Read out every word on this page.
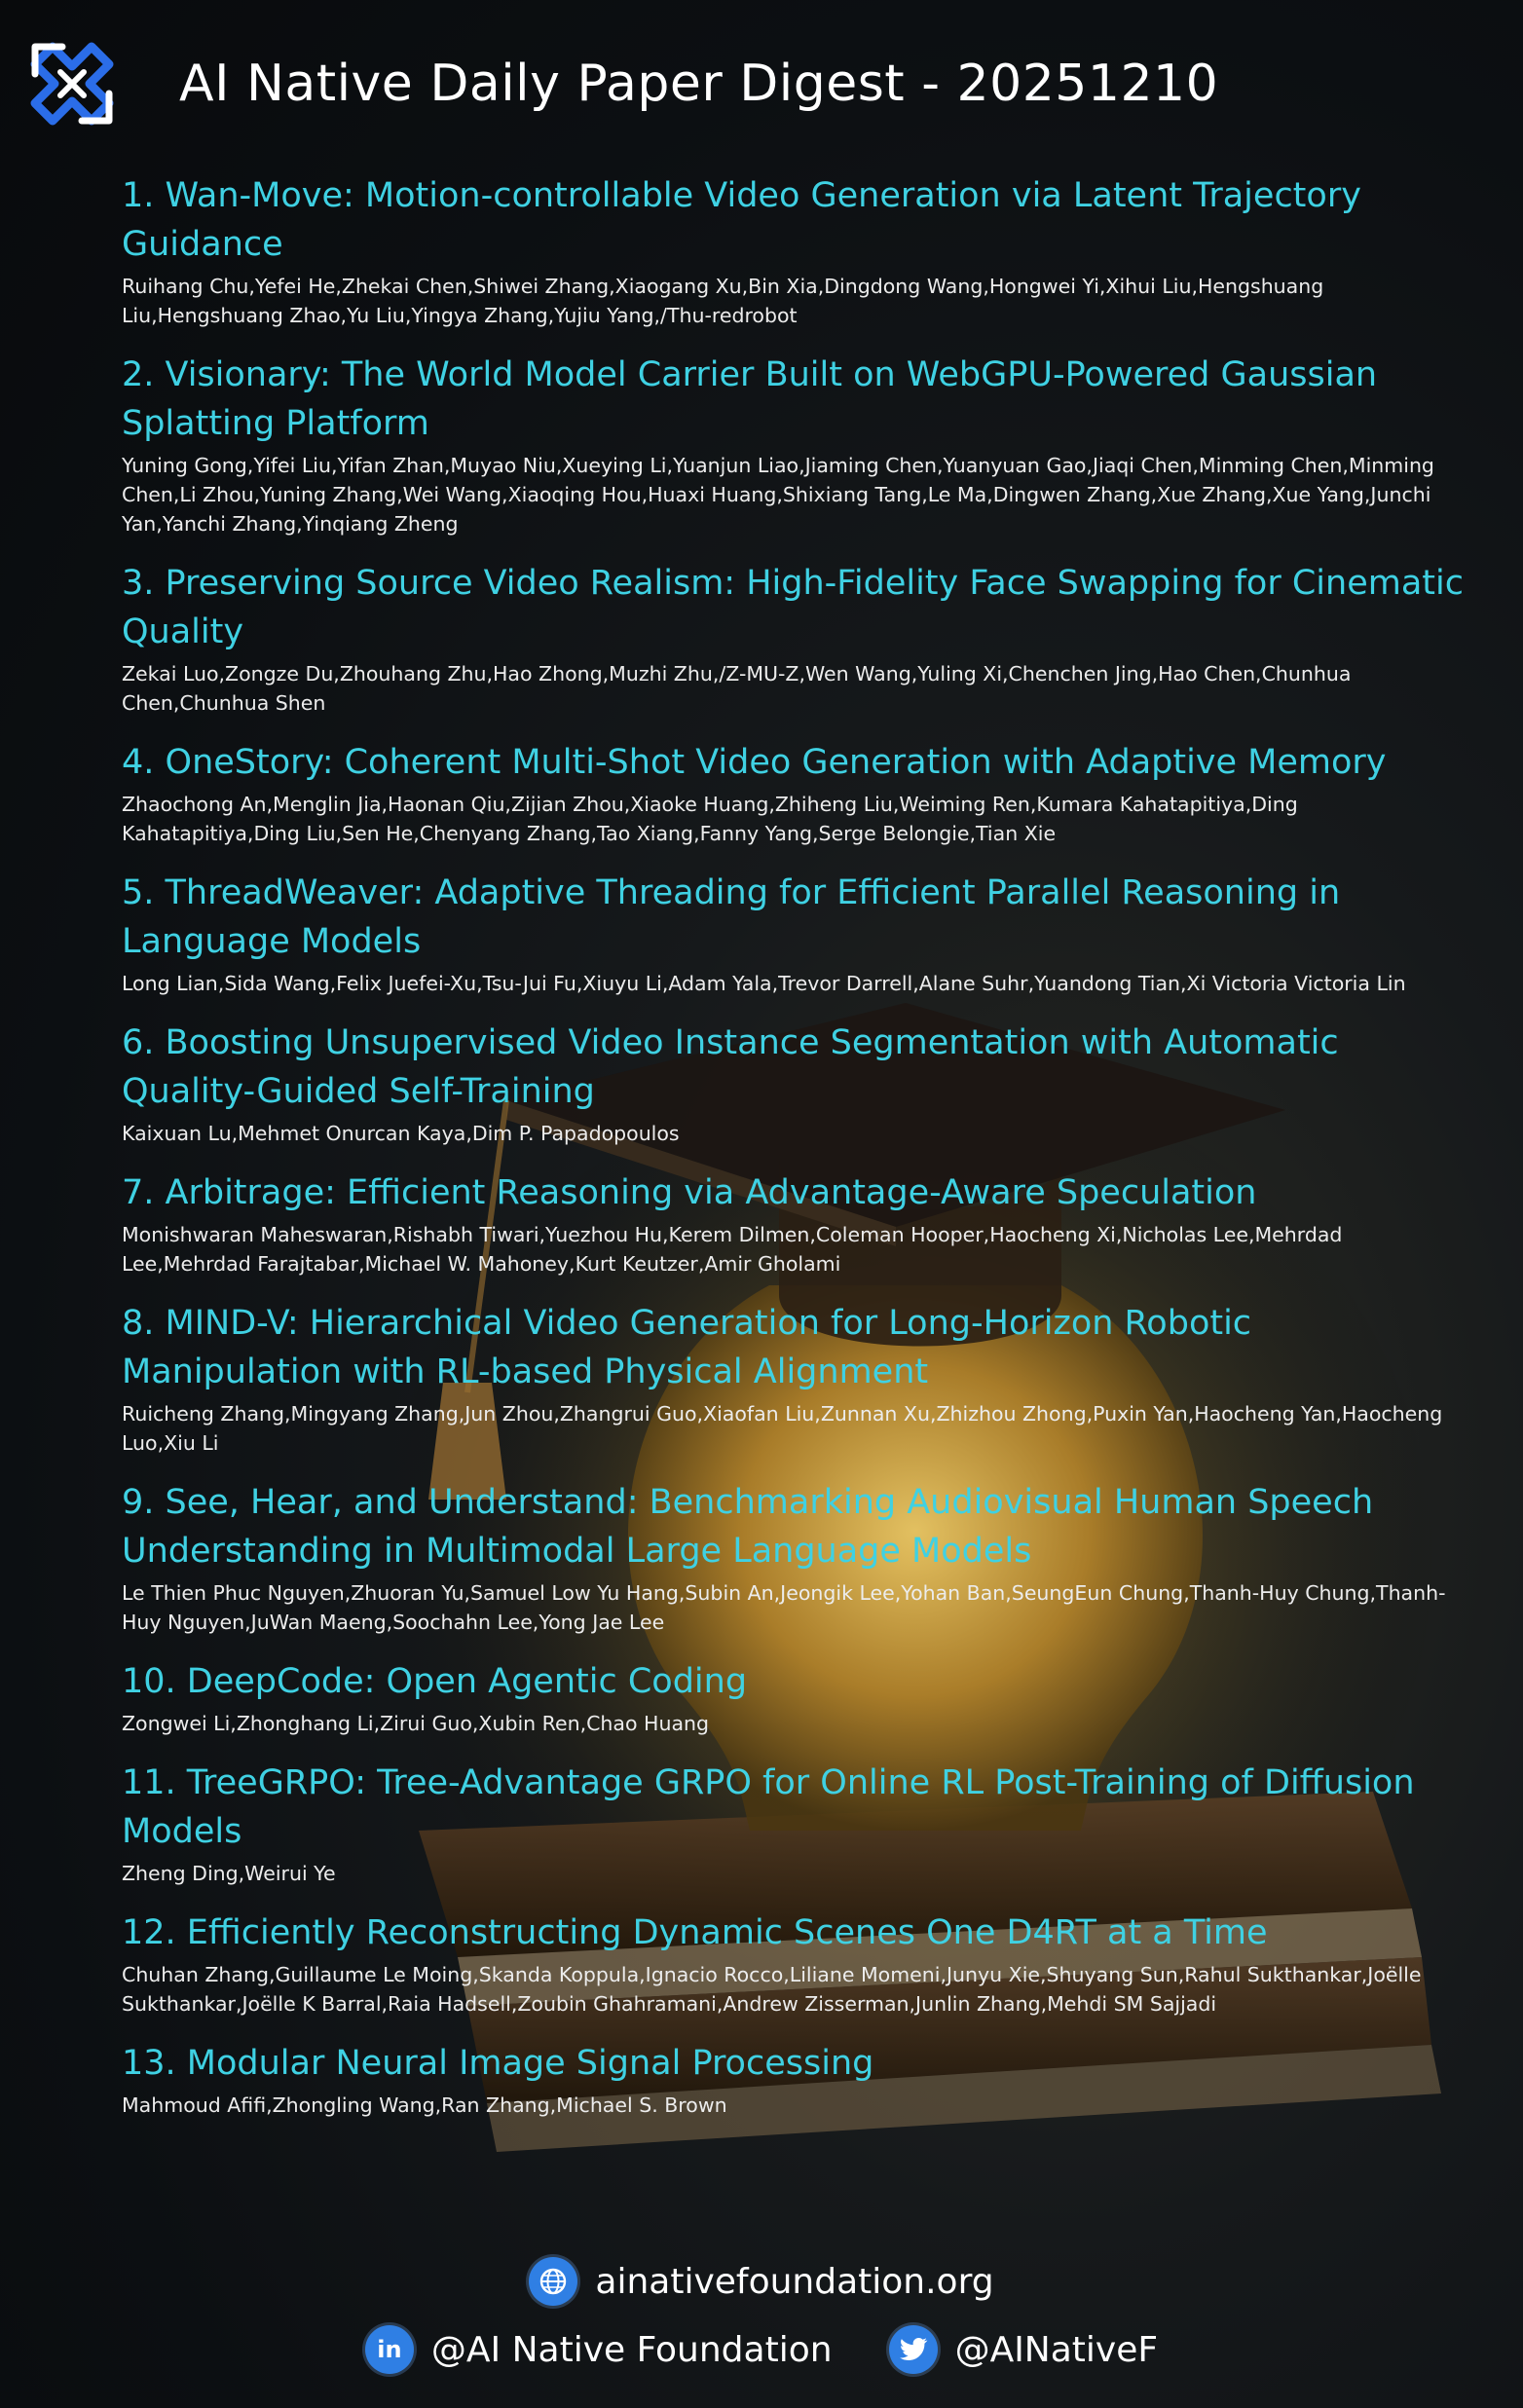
AI Native Daily Paper Digest - 20251210
1. Wan-Move: Motion-controllable Video Generation via Latent Trajectory Guidance
Ruihang Chu,Yefei He,Zhekai Chen,Shiwei Zhang,Xiaogang Xu,Bin Xia,Dingdong Wang,Hongwei Yi,Xihui Liu,Hengshuang Liu,Hengshuang Zhao,Yu Liu,Yingya Zhang,Yujiu Yang,/Thu-redrobot
2. Visionary: The World Model Carrier Built on WebGPU-Powered Gaussian Splatting Platform
Yuning Gong,Yifei Liu,Yifan Zhan,Muyao Niu,Xueying Li,Yuanjun Liao,Jiaming Chen,Yuanyuan Gao,Jiaqi Chen,Minming Chen,Minming Chen,Li Zhou,Yuning Zhang,Wei Wang,Xiaoqing Hou,Huaxi Huang,Shixiang Tang,Le Ma,Dingwen Zhang,Xue Zhang,Xue Yang,Junchi Yan,Yanchi Zhang,Yinqiang Zheng
3. Preserving Source Video Realism: High-Fidelity Face Swapping for Cinematic Quality
Zekai Luo,Zongze Du,Zhouhang Zhu,Hao Zhong,Muzhi Zhu,/Z-MU-Z,Wen Wang,Yuling Xi,Chenchen Jing,Hao Chen,Chunhua Chen,Chunhua Shen
4. OneStory: Coherent Multi-Shot Video Generation with Adaptive Memory
Zhaochong An,Menglin Jia,Haonan Qiu,Zijian Zhou,Xiaoke Huang,Zhiheng Liu,Weiming Ren,Kumara Kahatapitiya,Ding Kahatapitiya,Ding Liu,Sen He,Chenyang Zhang,Tao Xiang,Fanny Yang,Serge Belongie,Tian Xie
5. ThreadWeaver: Adaptive Threading for Efficient Parallel Reasoning in Language Models
Long Lian,Sida Wang,Felix Juefei-Xu,Tsu-Jui Fu,Xiuyu Li,Adam Yala,Trevor Darrell,Alane Suhr,Yuandong Tian,Xi Victoria Victoria Lin
6. Boosting Unsupervised Video Instance Segmentation with Automatic Quality-Guided Self-Training
Kaixuan Lu,Mehmet Onurcan Kaya,Dim P. Papadopoulos
7. Arbitrage: Efficient Reasoning via Advantage-Aware Speculation
Monishwaran Maheswaran,Rishabh Tiwari,Yuezhou Hu,Kerem Dilmen,Coleman Hooper,Haocheng Xi,Nicholas Lee,Mehrdad Lee,Mehrdad Farajtabar,Michael W. Mahoney,Kurt Keutzer,Amir Gholami
8. MIND-V: Hierarchical Video Generation for Long-Horizon Robotic Manipulation with RL-based Physical Alignment
Ruicheng Zhang,Mingyang Zhang,Jun Zhou,Zhangrui Guo,Xiaofan Liu,Zunnan Xu,Zhizhou Zhong,Puxin Yan,Haocheng Yan,Haocheng Luo,Xiu Li
9. See, Hear, and Understand: Benchmarking Audiovisual Human Speech Understanding in Multimodal Large Language Models
Le Thien Phuc Nguyen,Zhuoran Yu,Samuel Low Yu Hang,Subin An,Jeongik Lee,Yohan Ban,SeungEun Chung,Thanh-Huy Chung,Thanh-Huy Nguyen,JuWan Maeng,Soochahn Lee,Yong Jae Lee
10. DeepCode: Open Agentic Coding
Zongwei Li,Zhonghang Li,Zirui Guo,Xubin Ren,Chao Huang
11. TreeGRPO: Tree-Advantage GRPO for Online RL Post-Training of Diffusion Models
Zheng Ding,Weirui Ye
12. Efficiently Reconstructing Dynamic Scenes One D4RT at a Time
Chuhan Zhang,Guillaume Le Moing,Skanda Koppula,Ignacio Rocco,Liliane Momeni,Junyu Xie,Shuyang Sun,Rahul Sukthankar,Joëlle Sukthankar,Joëlle K Barral,Raia Hadsell,Zoubin Ghahramani,Andrew Zisserman,Junlin Zhang,Mehdi SM Sajjadi
13. Modular Neural Image Signal Processing
Mahmoud Afifi,Zhongling Wang,Ran Zhang,Michael S. Brown
ainativefoundation.org
in @AI Native Foundation	@AINativeF
